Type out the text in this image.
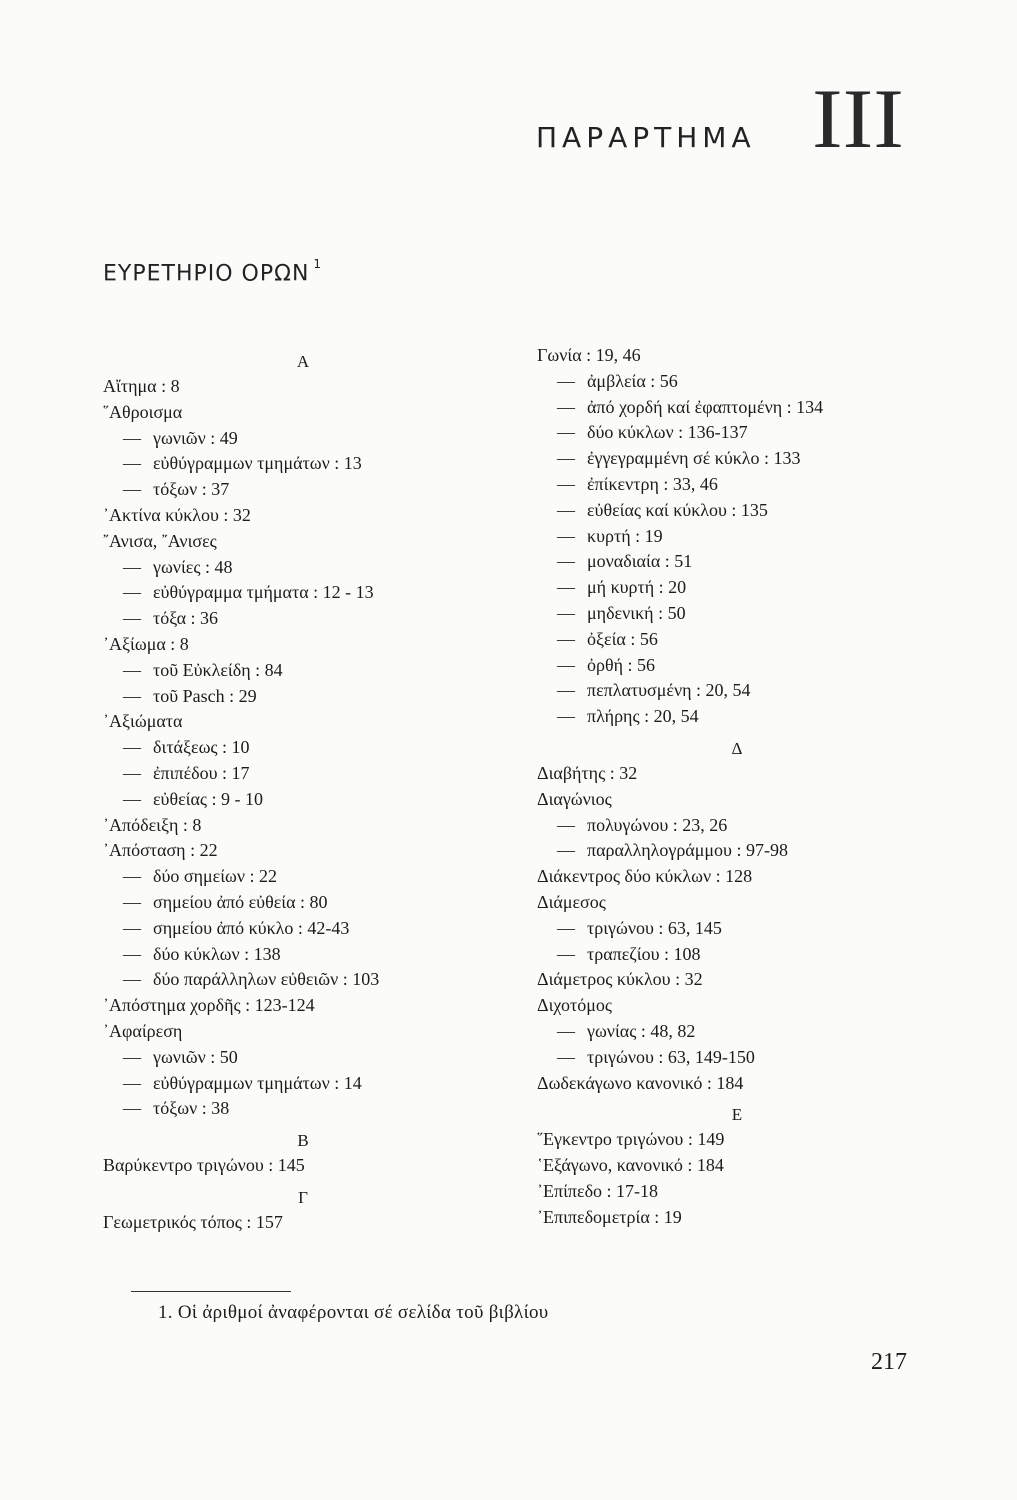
ΠΑΡΑΡΤΗΜΑ III
ΕΥΡΕΤΗΡΙΟ ΟΡΩΝ $^1$
Α
Αἴτημα : 8
῞Αθροισμα
— γωνιῶν : 49
— εὐθύγραμμων τμημάτων : 13
— τόξων : 37
᾿Ακτίνα κύκλου : 32
῎Ανισα, ῎Ανισες
— γωνίες : 48
— εὐθύγραμμα τμήματα : 12 - 13
— τόξα : 36
᾿Αξίωμα : 8
— τοῦ Εὐκλείδη : 84
— τοῦ Pasch : 29
᾿Αξιώματα
— διτάξεως : 10
— ἐπιπέδου : 17
— εὐθείας : 9 - 10
᾿Απόδειξη : 8
᾿Απόσταση : 22
— δύο σημείων : 22
— σημείου ἀπό εὐθεία : 80
— σημείου ἀπό κύκλο : 42-43
— δύο κύκλων : 138
— δύο παράλληλων εὐθειῶν : 103
᾿Απόστημα χορδῆς : 123-124
᾿Αφαίρεση
— γωνιῶν : 50
— εὐθύγραμμων τμημάτων : 14
— τόξων : 38
Β
Βαρύκεντρο τριγώνου : 145
Γ
Γεωμετρικός τόπος : 157
Γωνία : 19, 46
— ἀμβλεία : 56
— ἀπό χορδή καί ἐφαπτομένη : 134
— δύο κύκλων : 136-137
— ἐγγεγραμμένη σέ κύκλο : 133
— ἐπίκεντρη : 33, 46
— εὐθείας καί κύκλου : 135
— κυρτή : 19
— μοναδιαία : 51
— μή κυρτή : 20
— μηδενική : 50
— ὀξεία : 56
— ὀρθή : 56
— πεπλατυσμένη : 20, 54
— πλήρης : 20, 54
Δ
Διαβήτης : 32
Διαγώνιος
— πολυγώνου : 23, 26
— παραλληλογράμμου : 97-98
Διάκεντρος δύο κύκλων : 128
Διάμεσος
— τριγώνου : 63, 145
— τραπεζίου : 108
Διάμετρος κύκλου : 32
Διχοτόμος
— γωνίας : 48, 82
— τριγώνου : 63, 149-150
Δωδεκάγωνο κανονικό : 184
Ε
῞Εγκεντρο τριγώνου : 149
῾Εξάγωνο, κανονικό : 184
᾿Επίπεδο : 17-18
᾿Επιπεδομετρία : 19
1. Οἱ ἀριθμοί ἀναφέρονται σέ σελίδα τοῦ βιβλίου
217
